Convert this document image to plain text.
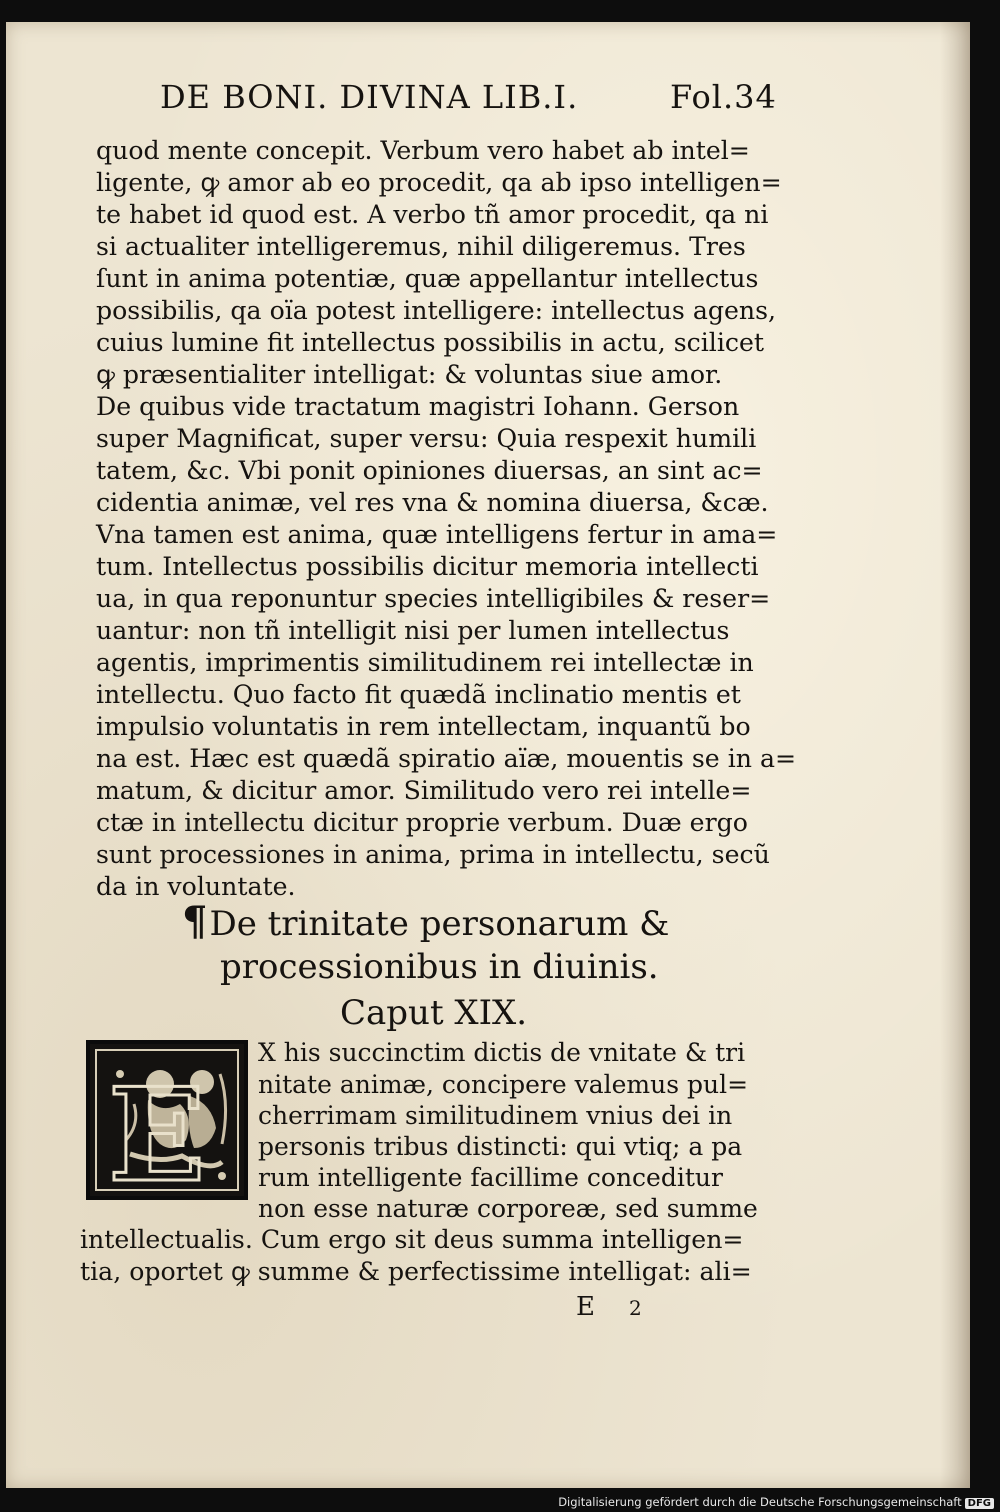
DE BONI. DIVINA LIB.I.	Fol.34
quod mente concepit. Verbum vero habet ab intel=
ligente, ꝙ amor ab eo procedit, qa ab ipso intelligen=
te habet id quod est. A verbo tñ amor procedit, qa ni
si actualiter intelligeremus, nihil diligeremus. Tres
ſunt in anima potentiæ, quæ appellantur intellectus
possibilis, qa oïa potest intelligere: intellectus agens,
cuius lumine fit intellectus possibilis in actu, scilicet
ꝙ præsentialiter intelligat: & voluntas siue amor.
De quibus vide tractatum magistri Iohann. Gerson
super Magnificat, super versu: Quia respexit humili
tatem, &c. Vbi ponit opiniones diuersas, an sint ac=
cidentia animæ, vel res vna & nomina diuersa, &cæ.
Vna tamen est anima, quæ intelligens fertur in ama=
tum. Intellectus possibilis dicitur memoria intellecti
ua, in qua reponuntur species intelligibiles & reser=
uantur: non tñ intelligit nisi per lumen intellectus
agentis, imprimentis similitudinem rei intellectæ in
intellectu. Quo facto fit quædã inclinatio mentis et
impulsio voluntatis in rem intellectam, inquantũ bo
na est. Hæc est quædã spiratio aïæ, mouentis se in a=
matum, & dicitur amor. Similitudo vero rei intelle=
ctæ in intellectu dicitur proprie verbum. Duæ ergo
sunt processiones in anima, prima in intellectu, secũ
da in voluntate.
¶De trinitate personarum &
processionibus in diuinis.
Caput XIX.
E
X his succinctim dictis de vnitate & tri
nitate animæ, concipere valemus pul=
cherrimam similitudinem vnius dei in
personis tribus distincti: qui vtiq; a pa
rum intelligente facillime conceditur
non esse naturæ corporeæ, sed summe
intellectualis. Cum ergo sit deus summa intelligen=
tia, oportet ꝙ summe & perfectissime intelligat: ali=
E 2
Digitalisierung gefördert durch die Deutsche Forschungsgemeinschaft DFG
